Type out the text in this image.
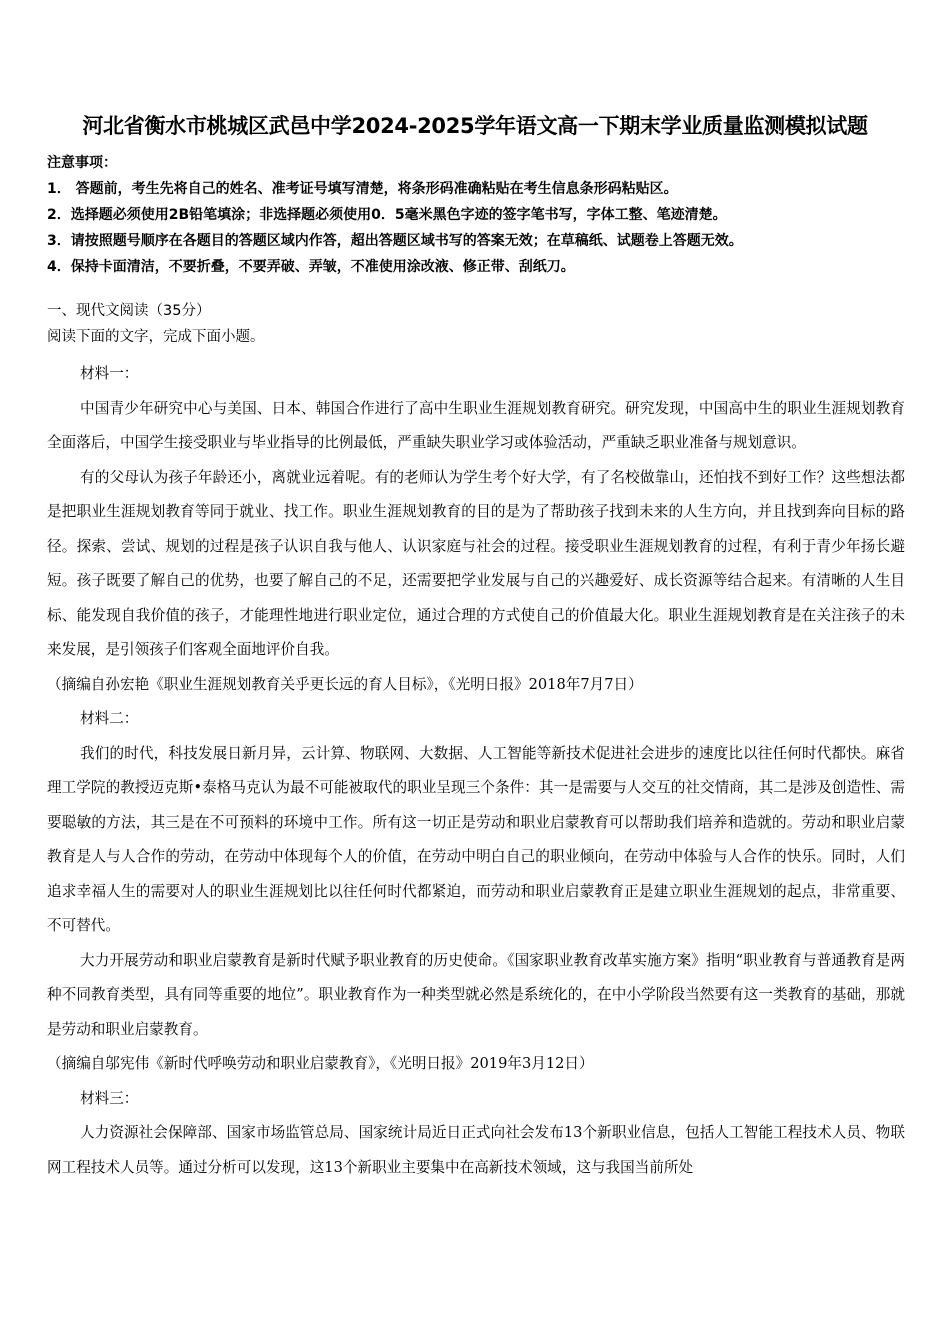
河北省衡水市桃城区武邑中学2024-2025学年语文高一下期末学业质量监测模拟试题
注意事项：
1． 答题前，考生先将自己的姓名、准考证号填写清楚，将条形码准确粘贴在考生信息条形码粘贴区。
2．选择题必须使用2B铅笔填涂；非选择题必须使用0．5毫米黑色字迹的签字笔书写，字体工整、笔迹清楚。
3．请按照题号顺序在各题目的答题区域内作答，超出答题区域书写的答案无效；在草稿纸、试题卷上答题无效。
4．保持卡面清洁，不要折叠，不要弄破、弄皱，不准使用涂改液、修正带、刮纸刀。
一、现代文阅读（35分）
阅读下面的文字，完成下面小题。

材料一：

中国青少年研究中心与美国、日本、韩国合作进行了高中生职业生涯规划教育研究。研究发现，中国高中生的职业生涯规划教育全面落后，中国学生接受职业与毕业指导的比例最低，严重缺失职业学习或体验活动，严重缺乏职业准备与规划意识。

有的父母认为孩子年龄还小，离就业远着呢。有的老师认为学生考个好大学，有了名校做靠山，还怕找不到好工作？这些想法都是把职业生涯规划教育等同于就业、找工作。职业生涯规划教育的目的是为了帮助孩子找到未来的人生方向，并且找到奔向目标的路径。探索、尝试、规划的过程是孩子认识自我与他人、认识家庭与社会的过程。接受职业生涯规划教育的过程，有利于青少年扬长避短。孩子既要了解自己的优势，也要了解自己的不足，还需要把学业发展与自己的兴趣爱好、成长资源等结合起来。有清晰的人生目标、能发现自我价值的孩子，才能理性地进行职业定位，通过合理的方式使自己的价值最大化。职业生涯规划教育是在关注孩子的未来发展，是引领孩子们客观全面地评价自我。

（摘编自孙宏艳《职业生涯规划教育关乎更长远的育人目标》，《光明日报》2018年7月7日）

材料二：

我们的时代，科技发展日新月异，云计算、物联网、大数据、人工智能等新技术促进社会进步的速度比以往任何时代都快。麻省理工学院的教授迈克斯•泰格马克认为最不可能被取代的职业呈现三个条件：其一是需要与人交互的社交情商，其二是涉及创造性、需要聪敏的方法，其三是在不可预料的环境中工作。所有这一切正是劳动和职业启蒙教育可以帮助我们培养和造就的。劳动和职业启蒙教育是人与人合作的劳动，在劳动中体现每个人的价值，在劳动中明白自己的职业倾向，在劳动中体验与人合作的快乐。同时，人们追求幸福人生的需要对人的职业生涯规划比以往任何时代都紧迫，而劳动和职业启蒙教育正是建立职业生涯规划的起点，非常重要、不可替代。

大力开展劳动和职业启蒙教育是新时代赋予职业教育的历史使命。《国家职业教育改革实施方案》指明“职业教育与普通教育是两种不同教育类型，具有同等重要的地位”。职业教育作为一种类型就必然是系统化的，在中小学阶段当然要有这一类教育的基础，那就是劳动和职业启蒙教育。

（摘编自邬宪伟《新时代呼唤劳动和职业启蒙教育》，《光明日报》2019年3月12日）

材料三：

人力资源社会保障部、国家市场监管总局、国家统计局近日正式向社会发布13个新职业信息，包括人工智能工程技术人员、物联网工程技术人员等。通过分析可以发现，这13个新职业主要集中在高新技术领域，这与我国当前所处
